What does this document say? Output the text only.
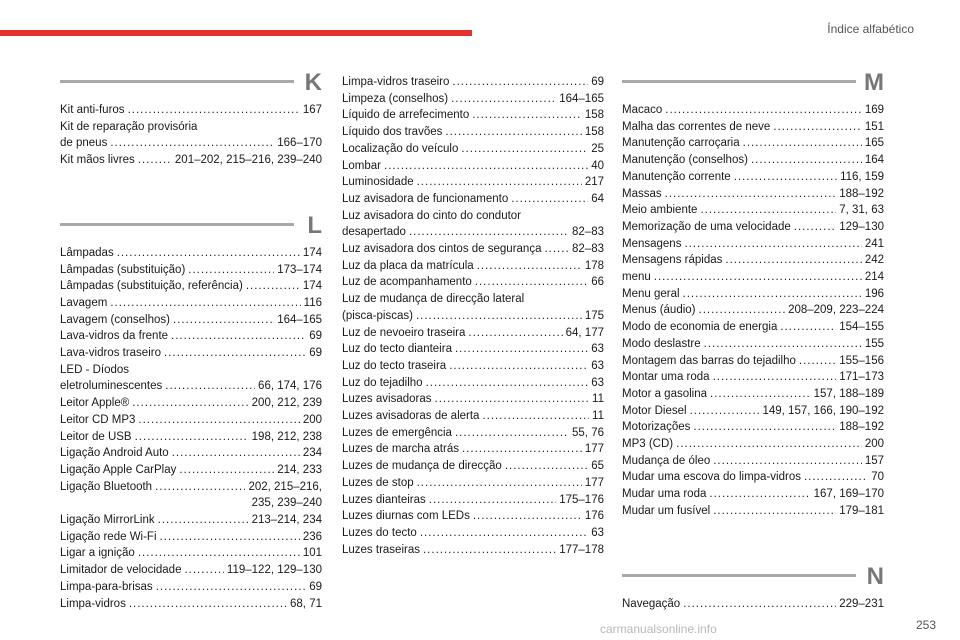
Índice alfabético
K
Kit anti-furos .....	167
Kit de reparação provisória
de pneus .....	166–170
Kit mãos livres .....	201–202, 215–216, 239–240
L
Lâmpadas .....	174
Lâmpadas (substituição) .....	173–174
Lâmpadas (substituição, referência) .....	174
Lavagem .....	116
Lavagem (conselhos) .....	164–165
Lava-vidros da frente .....	69
Lava-vidros traseiro .....	69
LED - Díodos
eletroluminescentes .....	66, 174, 176
Leitor Apple® .....	200, 212, 239
Leitor CD MP3 .....	200
Leitor de USB .....	198, 212, 238
Ligação Android Auto .....	234
Ligação Apple CarPlay .....	214, 233
Ligação Bluetooth .....	202, 215–216,
235, 239–240
Ligação MirrorLink .....	213–214, 234
Ligação rede Wi-Fi .....	236
Ligar a ignição .....	101
Limitador de velocidade .....	119–122, 129–130
Limpa-para-brisas .....	69
Limpa-vidros .....	68, 71
Limpa-vidros traseiro .....	69
Limpeza (conselhos) .....	164–165
Líquido de arrefecimento .....	158
Líquido dos travões .....	158
Localização do veículo .....	25
Lombar .....	40
Luminosidade .....	217
Luz avisadora de funcionamento .....	64
Luz avisadora do cinto do condutor
desapertado .....	82–83
Luz avisadora dos cintos de segurança .....	82–83
Luz da placa da matrícula .....	178
Luz de acompanhamento .....	66
Luz de mudança de direcção lateral
(pisca-piscas) .....	175
Luz de nevoeiro traseira .....	64, 177
Luz do tecto dianteira .....	63
Luz do tecto traseira .....	63
Luz do tejadilho .....	63
Luzes avisadoras .....	11
Luzes avisadoras de alerta .....	11
Luzes de emergência .....	55, 76
Luzes de marcha atrás .....	177
Luzes de mudança de direcção .....	65
Luzes de stop .....	177
Luzes dianteiras .....	175–176
Luzes diurnas com LEDs .....	176
Luzes do tecto .....	63
Luzes traseiras .....	177–178
M
Macaco .....	169
Malha das correntes de neve .....	151
Manutenção carroçaria .....	165
Manutenção (conselhos) .....	164
Manutenção corrente .....	116, 159
Massas .....	188–192
Meio ambiente .....	7, 31, 63
Memorização de uma velocidade .....	129–130
Mensagens .....	241
Mensagens rápidas .....	242
menu .....	214
Menu geral .....	196
Menus (áudio) .....	208–209, 223–224
Modo de economia de energia .....	154–155
Modo deslastre .....	155
Montagem das barras do tejadilho .....	155–156
Montar uma roda .....	171–173
Motor a gasolina .....	157, 188–189
Motor Diesel .....	149, 157, 166, 190–192
Motorizações .....	188–192
MP3 (CD) .....	200
Mudança de óleo .....	157
Mudar uma escova do limpa-vidros .....	70
Mudar uma roda .....	167, 169–170
Mudar um fusível .....	179–181
N
Navegação .....	229–231
carmanualsonline.info	253
